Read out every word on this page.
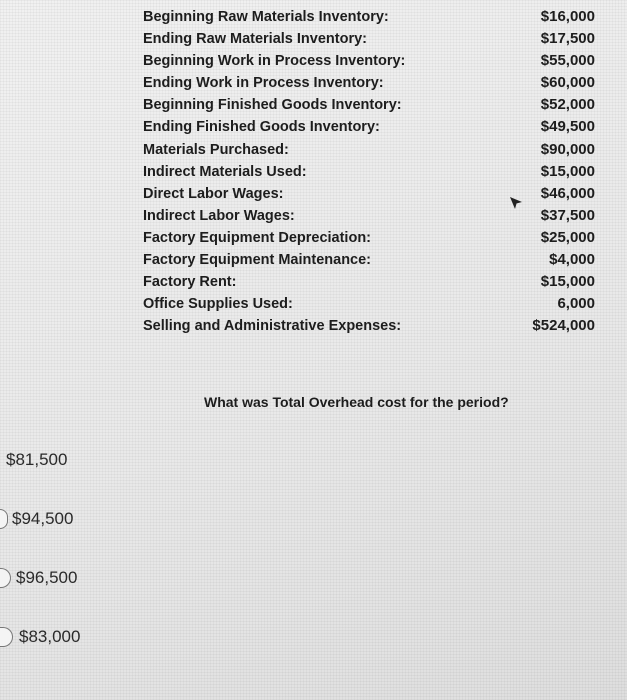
Beginning Raw Materials Inventory:	$16,000
Ending Raw Materials Inventory:	$17,500
Beginning Work in Process Inventory:	$55,000
Ending Work in Process Inventory:	$60,000
Beginning Finished Goods Inventory:	$52,000
Ending Finished Goods Inventory:	$49,500
Materials Purchased:	$90,000
Indirect Materials Used:	$15,000
Direct Labor Wages:	$46,000
Indirect Labor Wages:	$37,500
Factory Equipment Depreciation:	$25,000
Factory Equipment Maintenance:	$4,000
Factory Rent:	$15,000
Office Supplies Used:	6,000
Selling and Administrative Expenses:	$524,000
What was Total Overhead cost for the period?
$81,500
$94,500
$96,500
$83,000
